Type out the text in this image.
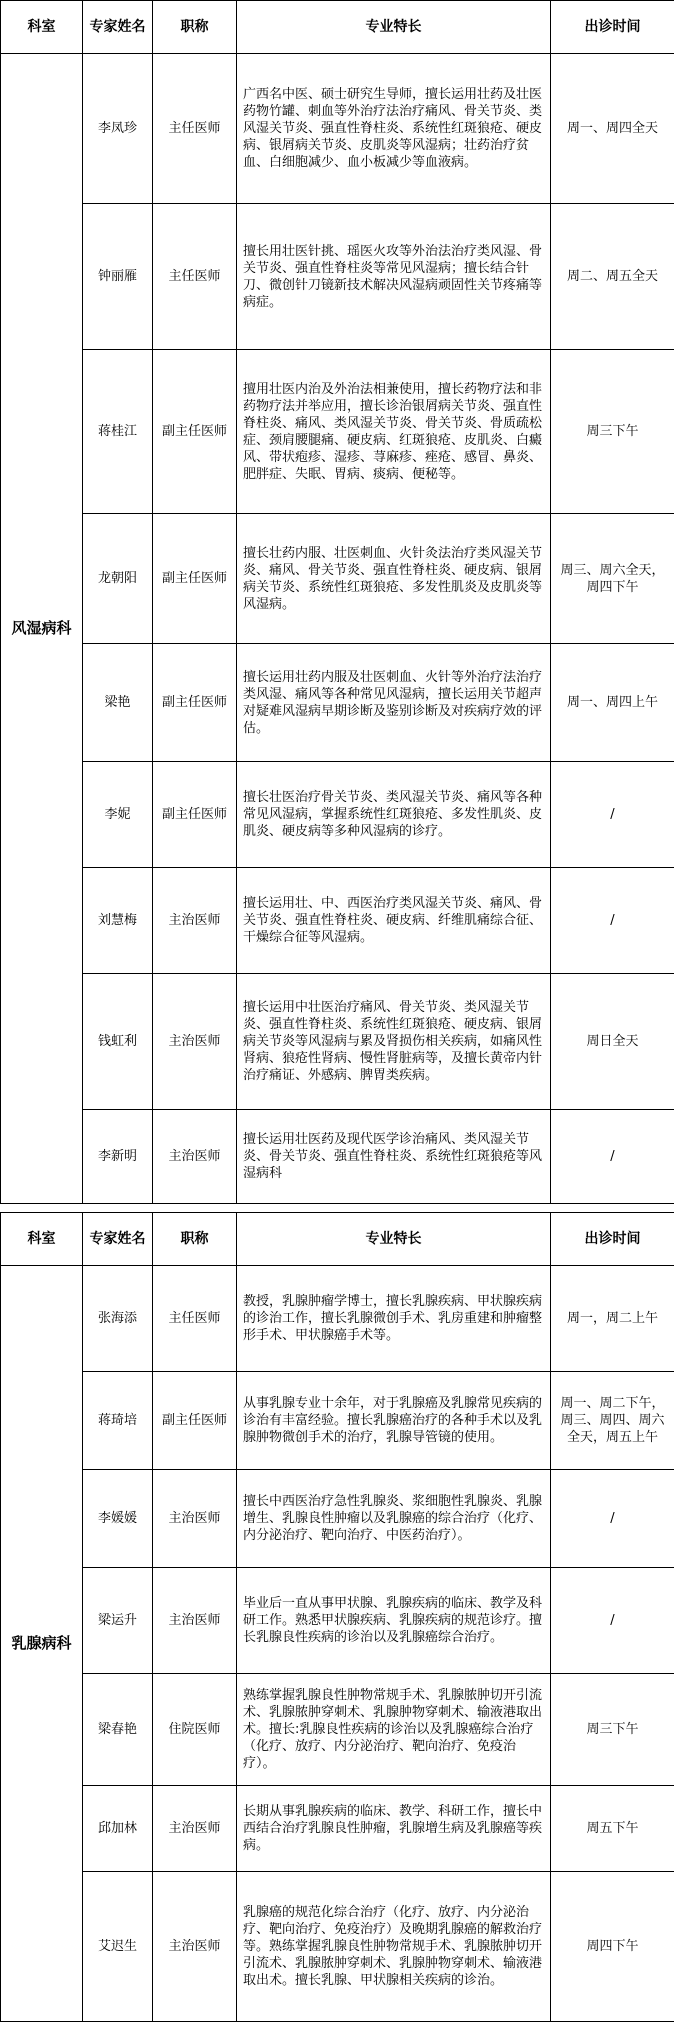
科室	专家姓名	职称	专业特长	出诊时间
风湿病科	李凤珍	主任医师	广西名中医、硕士研究生导师，擅长运用壮药及壮医药物竹罐、刺血等外治疗法治疗痛风、骨关节炎、类风湿关节炎、强直性脊柱炎、系统性红斑狼疮、硬皮病、银屑病关节炎、皮肌炎等风湿病；壮药治疗贫血、白细胞减少、血小板减少等血液病。	周一、周四全天
	钟丽雁	主任医师	擅长用壮医针挑、瑶医火攻等外治法治疗类风湿、骨关节炎、强直性脊柱炎等常见风湿病；擅长结合针刀、微创针刀镜新技术解决风湿病顽固性关节疼痛等病症。	周二、周五全天
	蒋桂江	副主任医师	擅用壮医内治及外治法相兼使用，擅长药物疗法和非药物疗法并举应用，擅长诊治银屑病关节炎、强直性脊柱炎、痛风、类风湿关节炎、骨关节炎、骨质疏松症、颈肩腰腿痛、硬皮病、红斑狼疮、皮肌炎、白癜风、带状疱疹、湿疹、荨麻疹、痤疮、感冒、鼻炎、肥胖症、失眠、胃病、痰病、便秘等。	周三下午
	龙朝阳	副主任医师	擅长壮药内服、壮医刺血、火针灸法治疗类风湿关节炎、痛风、骨关节炎、强直性脊柱炎、硬皮病、银屑病关节炎、系统性红斑狼疮、多发性肌炎及皮肌炎等风湿病。	周三、周六全天，周四下午
	梁艳	副主任医师	擅长运用壮药内服及壮医刺血、火针等外治疗法治疗类风湿、痛风等各种常见风湿病，擅长运用关节超声对疑难风湿病早期诊断及鉴别诊断及对疾病疗效的评估。	周一、周四上午
	李妮	副主任医师	擅长壮医治疗骨关节炎、类风湿关节炎、痛风等各种常见风湿病，掌握系统性红斑狼疮、多发性肌炎、皮肌炎、硬皮病等多种风湿病的诊疗。	/
	刘慧梅	主治医师	擅长运用壮、中、西医治疗类风湿关节炎、痛风、骨关节炎、强直性脊柱炎、硬皮病、纤维肌痛综合征、干燥综合征等风湿病。	/
	钱虹利	主治医师	擅长运用中壮医治疗痛风、骨关节炎、类风湿关节炎、强直性脊柱炎、系统性红斑狼疮、硬皮病、银屑病关节炎等风湿病与累及肾损伤相关疾病，如痛风性肾病、狼疮性肾病、慢性肾脏病等，及擅长黄帝内针治疗痛证、外感病、脾胃类疾病。	周日全天
	李新明	主治医师	擅长运用壮医药及现代医学诊治痛风、类风湿关节炎、骨关节炎、强直性脊柱炎、系统性红斑狼疮等风湿病科	/

科室	专家姓名	职称	专业特长	出诊时间
乳腺病科	张海添	主任医师	教授，乳腺肿瘤学博士，擅长乳腺疾病、甲状腺疾病的诊治工作，擅长乳腺微创手术、乳房重建和肿瘤整形手术、甲状腺癌手术等。	周一，周二上午
	蒋琦培	副主任医师	从事乳腺专业十余年，对于乳腺癌及乳腺常见疾病的诊治有丰富经验。擅长乳腺癌治疗的各种手术以及乳腺肿物微创手术的治疗，乳腺导管镜的使用。	周一、周二下午，周三、周四、周六全天，周五上午
	李媛媛	主治医师	擅长中西医治疗急性乳腺炎、浆细胞性乳腺炎、乳腺增生、乳腺良性肿瘤以及乳腺癌的综合治疗（化疗、内分泌治疗、靶向治疗、中医药治疗）。	/
	梁运升	主治医师	毕业后一直从事甲状腺、乳腺疾病的临床、教学及科研工作。熟悉甲状腺疾病、乳腺疾病的规范诊疗。擅长乳腺良性疾病的诊治以及乳腺癌综合治疗。	/
	梁春艳	住院医师	熟练掌握乳腺良性肿物常规手术、乳腺脓肿切开引流术、乳腺脓肿穿刺术、乳腺肿物穿刺术、输液港取出术。擅长:乳腺良性疾病的诊治以及乳腺癌综合治疗（化疗、放疗、内分泌治疗、靶向治疗、免疫治疗）。	周三下午
	邱加林	主治医师	长期从事乳腺疾病的临床、教学、科研工作，擅长中西结合治疗乳腺良性肿瘤，乳腺增生病及乳腺癌等疾病。	周五下午
	艾迟生	主治医师	乳腺癌的规范化综合治疗（化疗、放疗、内分泌治疗、靶向治疗、免疫治疗）及晚期乳腺癌的解救治疗等。熟练掌握乳腺良性肿物常规手术、乳腺脓肿切开引流术、乳腺脓肿穿刺术、乳腺肿物穿刺术、输液港取出术。擅长乳腺、甲状腺相关疾病的诊治。	周四下午
